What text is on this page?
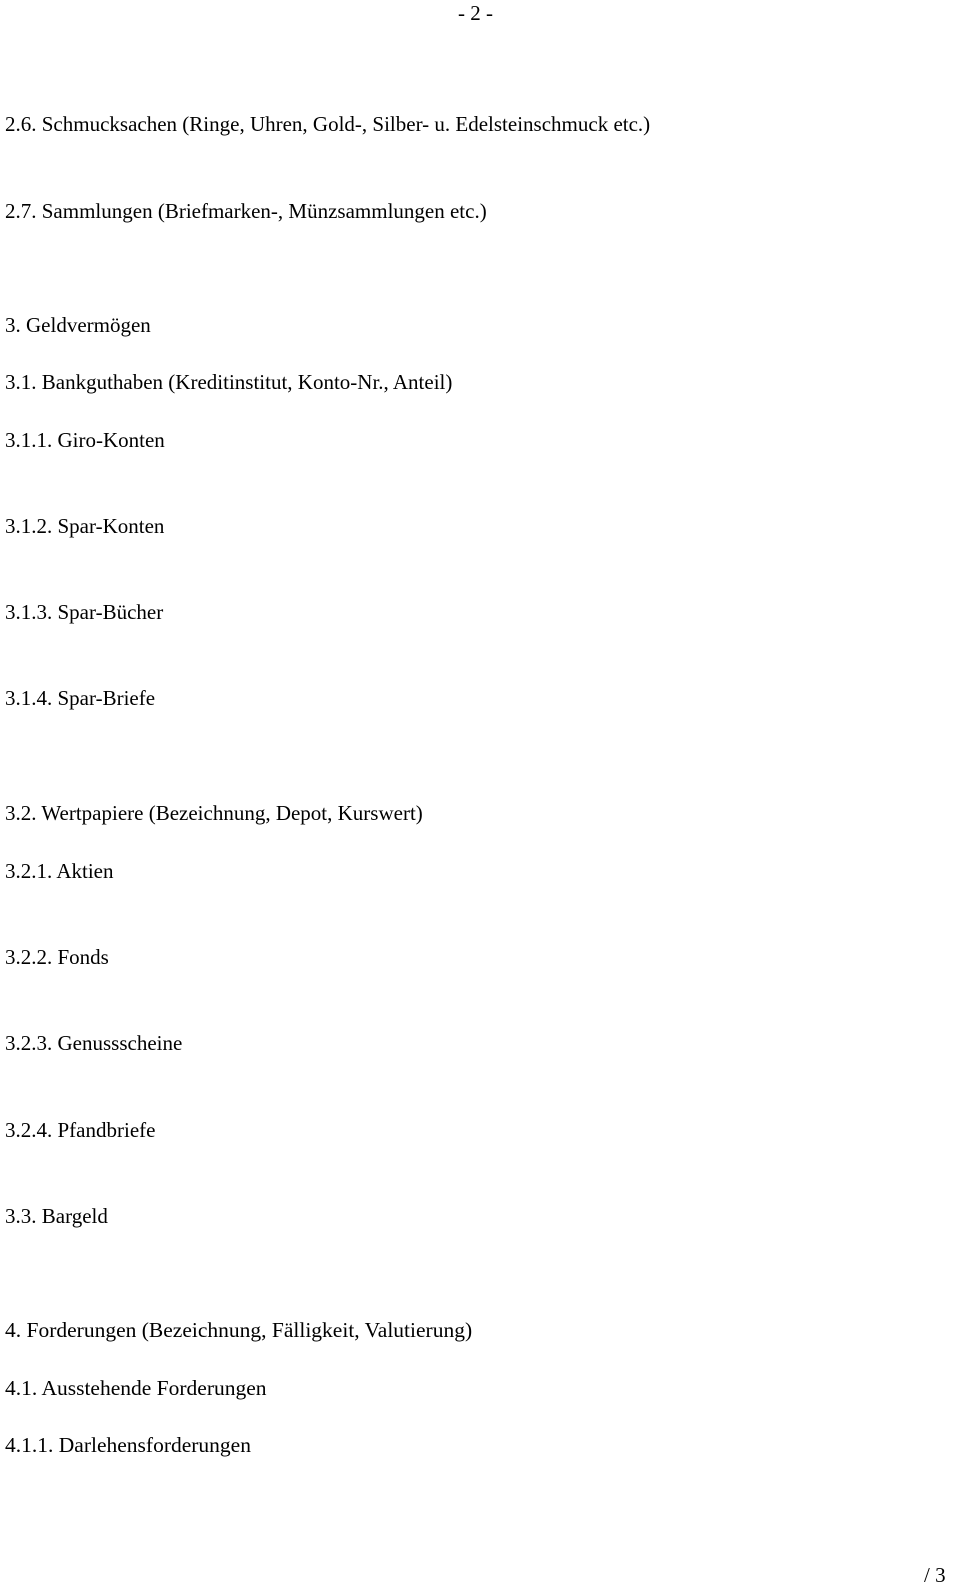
- 2 -
2.6. Schmucksachen (Ringe, Uhren, Gold-, Silber- u. Edelsteinschmuck etc.)
2.7. Sammlungen (Briefmarken-, Münzsammlungen etc.)
3. Geldvermögen
3.1. Bankguthaben (Kreditinstitut, Konto-Nr., Anteil)
3.1.1. Giro-Konten
3.1.2. Spar-Konten
3.1.3. Spar-Bücher
3.1.4. Spar-Briefe
3.2. Wertpapiere (Bezeichnung, Depot, Kurswert)
3.2.1. Aktien
3.2.2. Fonds
3.2.3. Genussscheine
3.2.4. Pfandbriefe
3.3. Bargeld
4. Forderungen (Bezeichnung, Fälligkeit, Valutierung)
4.1. Ausstehende Forderungen
4.1.1. Darlehensforderungen
/ 3
